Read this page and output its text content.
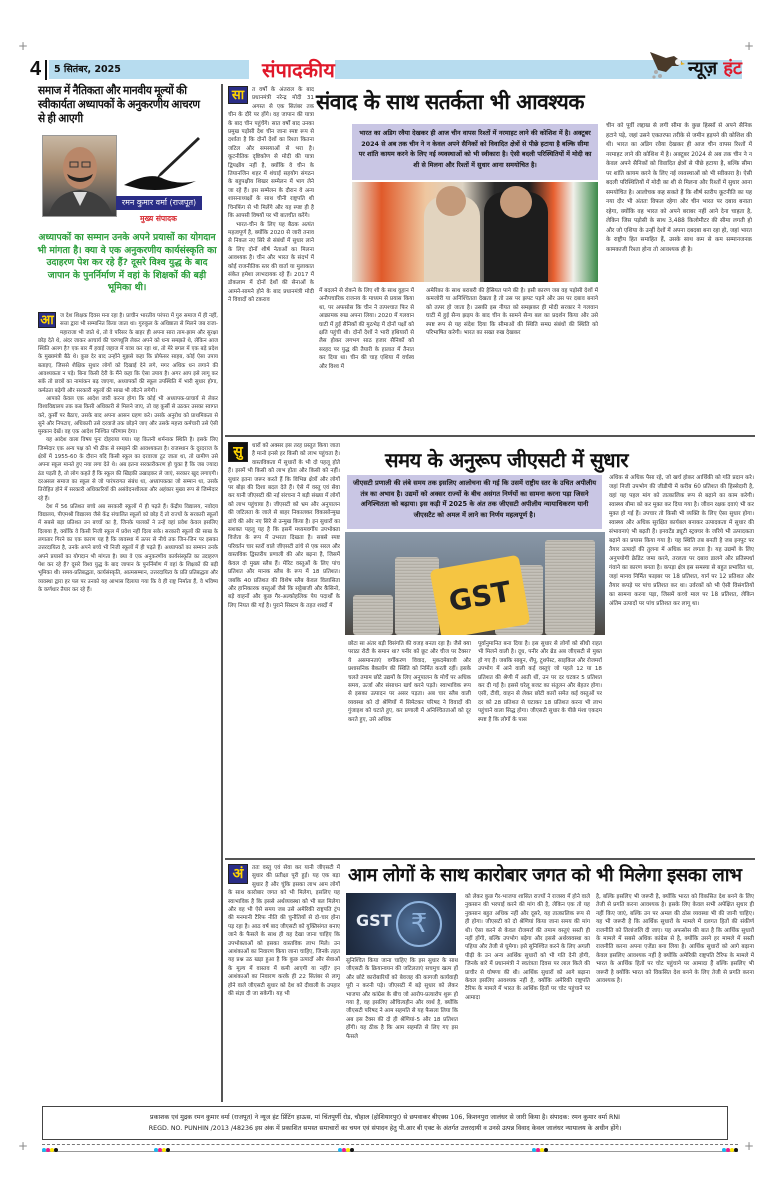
+	+
+	+
4 5 सितंबर, 2025	संपादकीय	न्यूज़ हंट
समाज में नैतिकता और मानवीय मूल्यों की स्वीकार्यता अध्यापकों के अनुकरणीय आचरण से ही आएगी
रमन कुमार वर्मा (राजपूत)
मुख्य संपादक
अध्यापकों का सम्मान उनके अपने प्रयासों का योगदान भी मांगता है। क्या वे एक अनुकरणीय कार्यसंस्कृति का उदाहरण पेश कर रहे हैं? दूसरे विश्व युद्ध के बाद जापान के पुनर्निर्माण में वहां के शिक्षकों की बड़ी भूमिका थी।
आ	ज देश शिक्षक दिवस मना रहा है। प्राचीन भारतीय परंपरा में गुरु समाज में ही नहीं, सत्ता द्वारा भी सम्मानित किया जाता था। गुरुकुल के अधिष्ठाता से मिलने जब राजा-महाराजा भी जाते थे, तो वे परिसर के बाहर ही अपना सारा ताम-झाम और सुरक्षा छोड़ देते थे, अंदर जाकर आचार्य की चरणधूलि लेकर अपने को धन्य समझते थे, लेकिन आज स्थिति अलग है? एक बार मैं हवाई जहाज में यात्रा कर रहा था, तो मेरे बगल में एक बड़े प्रदेश के मुख्यमंत्री बैठे थे। कुछ देर बाद उन्होंने मुझसे कहा कि प्रोफेसर साहब, कोई ऐसा उपाय बताइए, जिससे शैक्षिक सुधार लोगों को दिखाई देने लगे, मगर अधिक धन लगाने की आवश्यकता न पड़े। बिना किसी देरी के मैंने कहा कि ऐसा उपाय है। अगर आप इसे लागू कर सकें तो छात्रों का नामांकन बढ़ जाएगा, अध्यापकों की स्कूल उपस्थिति में भारी सुधार होगा, कर्मठता बढ़ेगी और सरकारी स्कूलों की साख भी लौटने लगेगी।

आपको केवल एक आदेश जारी करना होगा कि कोई भी अध्यापक-प्राचार्य से लेकर विश्वविद्यालय तक कब किसी अधिकारी से मिलने जाए, तो वह कुर्सी से उठकर उसका स्वागत करे, कुर्सी पर बैठाए, उसके बाद अपना आसन ग्रहण करे। उसके अनुरोध को प्राथमिकता से सुने और निपटाए, अधिकारी उसे दरवाजे तक छोड़ने जाए और उसके महत्त्व कर्मचारी उसे ऐसी मुस्कान देखें। वह एक आदेश निश्चित परिणाम देगा।

यह आदेश वाला विषय पुनः दोहराया गया। यह कितनी शर्मनाक स्थिति है। इसके लिए जिम्मेदार एक अन्य पक्ष को भी ठीक से समझने की आवश्यकता है। राजस्थान के दूरदराज के क्षेत्रों में 1955-60 के दौरान यदि किसी स्कूल का दरवाजा टूट जाता था, तो ग्रामीण उसे अपना स्कूल मानते हुए नया लगा देते थे। अब इतना सरकारीकरण हो चुका है कि जब ज्यादा ठंड पड़ती है, तो लोग कहते हैं कि स्कूल की खिड़की उखाड़कर ले जाएं, सरकार खुद लगाएगी। दरअसल समाज का स्कूल से जो पारंपरागत संबंध था, अध्यापकका जो सम्मान था, उसके तिरोहित होने में सरकारी अधिकारियों की असंवेदनशीलता और अहंकार मुख्य रूप से जिम्मेदार रहे हैं।

देश में 56 प्रतिशत बच्चे अब सरकारी स्कूलों में ही पढ़ते हैं। केंद्रीय विद्यालय, नवोदय विद्यालय, पीएमश्री विद्यालय जैसे केंद्र संचालित स्कूलों को छोड़ दें तो राज्यों के सरकारी स्कूलों में सबसे बड़ा प्रतिशत उन बच्चों का है, जिनके पालकों ने उन्हें वहां प्रवेश केवल इसलिए दिलाया है, क्योंकि वे किसी निजी स्कूल में प्रवेश नहीं दिला सके। सरकारी स्कूलों की साख के लगातार गिरने का एक कारण यह है कि व्यवस्था में ऊपर से नीचे तक जिन-जिन पर इसका उत्तरदायित्व है, उनके अपने बच्चे भी निजी स्कूलों में ही पढ़ते हैं। अध्यापकों का सम्मान उनके अपने प्रयासों का योगदान भी मांगता है। क्या वे एक अनुकरणीय कार्यसंस्कृति का उदाहरण पेश कर रहे हैं? दूसरे विश्व युद्ध के बाद जापान के पुनर्निर्माण में वहां के शिक्षकों की बड़ी भूमिका थी। समय-प्रतिबद्धता, कार्यसंस्कृति, आत्मसम्मान, उत्तरदायित्व के प्रति प्रतिबद्धता और व्यवस्था द्वारा हर पल पर उनको यह आभास दिलाया गया कि वे ही राष्ट्र निर्माता हैं, वे भविष्य के कर्णधार तैयार कर रहे हैं।

सा	त वर्षों के अंतराल के बाद प्रधानमंत्री नरेन्द्र मोदी 31 अगस्त से एक सितंबर तक चीन के दौरे पर होंगे। वह जापान की यात्रा के बाद चीन पहुंचेंगे। सात वर्षों बाद उनका प्रमुख पड़ोसी देश चीन जाना स्पष्ट रूप से दर्शाता है कि दोनों देशों का रिश्ता कितना जटिल और समस्याओं से भरा है। कूटनीतिक दृष्टिकोण से मोदी की यात्रा द्विपक्षीय नहीं है, क्योंकि वे चीन के तियानजिन शहर में शंघाई सहयोग संगठन के बहुपक्षीय शिखर सम्मेलन में भाग लेने जा रहे हैं। इस सम्मेलन के दौरान वे अन्य शासनाध्यक्षों के साथ चीनी राष्ट्रपति शी चिनफिंग से भी मिलेंगे और यह स्पष्ट ही है कि आपसी विषयों पर भी बातचीत करेंगे।

भारत-चीन के लिए यह बैठक अत्यंत महत्वपूर्ण है, क्योंकि 2020 से जारी तनाव से निकल नए सिरे से संबंधों में सुधार लाने के लिए दोनों शीर्ष नेताओं का मिलना आवश्यक है। चीन और भारत के संदर्भ में कोई राजनीतिक स्तर की वार्ता या मुलाकात संकेत हमेशा लाभदायक रहे हैं। 2017 में डोकलाम में दोनों देशों की सेनाओं के आमने-सामने होने के बाद प्रधानमंत्री मोदी ने विवादों को टकराव

संवाद के साथ सतर्कता भी आवश्यक
भारत का अडिग रवैया देखकर ही आज चीन वापस रिश्तों में नरमाहट लाने की कोशिश में है। अक्टूबर 2024 से अब तक चीन ने न केवल अपने सैनिकों को विवादित क्षेत्रों से पीछे हटाया है बल्कि सीमा पर शांति कायम करने के लिए नई व्यवस्थाओं को भी स्वीकारा है। ऐसी बदली परिस्थितियों में मोदी का शी से मिलना और रिश्तों में सुधार आना समयोचित है।

में बदलने से रोकने के लिए शी के साथ वुहान में अनौपचारिक राजनय के माध्यम से प्रयास किया था, पर अफसोस कि चीन ने तत्पश्चात फिर से आक्रामक रुख अपना लिया। 2020 में गलवान घाटी में हुई सैनिकों की मुठभेड़ में दोनों पक्षों को क्षति पहुंची थी। दोनों देशों ने भारी हथियारों से लैस होकर लगभग साठ हजार सैनिकों को सरहद पर युद्ध की तैयारी के हालात में तैनात कर दिया था। चीन की चाह एशिया में वर्चस्व और विश्व में

अमेरिका के साथ बराबरी की हैसियत पाने की है। इसी कारण जब वह पड़ोसी देशों में कमजोरी या अनिश्चितता देखता है तो उस पर झपट पड़ने और उस पर दबाव बनाने को तत्पर हो जाता है। उसकी इस नीयत को समझकर ही मोदी सरकार ने गलवान घाटी में हुई सैन्य झड़प के बाद चीन के सामने सैन्य बल का प्रदर्शन किया और उसे स्पष्ट रूप से यह संदेश दिया कि सीमाओं की स्थिति समग्र संबंधों की स्थिति को परिभाषित करेगी। भारत का सख्त रुख देखकर

चीन को पूर्वी लद्दाख से लगी सीमा के कुछ हिस्सों से अपने सैनिक हटाने पड़े, जहां उसने एकतरफा तरीके से जमीन हड़पने की कोशिश की थी। भारत का अडिग रवैया देखकर ही आज चीन वापस रिश्तों में नरमाहट लाने की कोशिश में है। अक्टूबर 2024 से अब तक चीन ने न केवल अपने सैनिकों को विवादित क्षेत्रों से पीछे हटाया है, बल्कि सीमा पर शांति कायम करने के लिए नई व्यवस्थाओं को भी स्वीकारा है। ऐसी बदली परिस्थितियों में मोदी का शी से मिलना और रिश्तों में सुधार आना समयोचित है। आलोचक कह सकते हैं कि शीर्ष स्तरीय कूटनीति का यह नया दौर भी अंततः विफल रहेगा और चीन भारत पर दबाव बनाता रहेगा, क्योंकि वह भारत को अपने बराबर नहीं आने देना चाहता है, लेकिन जिस पड़ोसी के साथ 3,488 किलोमीटर की सीमा लगती हो और जो एशिया के उन्हीं देशों में अपना दबदबा बना रहा हो, जहां भारत के राष्ट्रीय हित समाहित हैं, उसके साथ कम से कम सम्मानजनक कामकाजी रिश्ता होना तो आवश्यक ही है।

सु	धारों को अक्सर इस तरह प्रस्तुत किया जाता है मानो इनसे हर किसी को लाभ पहुंचता है। वास्तविकता में सुधारों के भी दो पहलू होते हैं। इसमें भी किसी को लाभ होता और किसी को नहीं। सुधार इतना जरूर करते हैं कि विभिन्न क्षेत्रों और लोगों पर बोझ की दिशा बदल देते हैं। ऐसे में वस्तु एवं सेवा कर यानी जीएसटी की नई संरचना ने बड़ी संख्या में लोगों को लाभ पहुंचाया है। जीएसटी को भ्रम और अनुपालन की जटिलता के जाले से बाहर निकालकर विकासोन्मुख ढांचे की ओर नए सिरे से उन्मुख किया है। इन सुधारों का सशक्त पहलू यह है कि इसमें मध्यमवर्गीय उपभोक्ता विजेता के रूप में उभरता दिखता है। सबसे स्पष्ट परिवर्तन चार स्तरों वाले जीएसटी ढांचे से एक सरल और वास्तविक द्विस्तरीय प्रणाली की ओर बढ़ना है, जिसमें केवल दो मुख्य स्लैब हैं। मेरिट वस्तुओं के लिए पांच प्रतिशत और मानक स्लैब के रूप में 18 प्रतिशत। जबकि 40 प्रतिशत की विशेष स्लैब केवल विलासिता और हानिकारक वस्तुओं जैसे कि सट्टेबाजी और कैसिनो, बड़े वाहनों और कुछ गैर-अल्कोहलिक पेय पदार्थों के लिए नियत की गई है। पुराने सिस्टम के तहत शब्दों में

समय के अनुरूप जीएसटी में सुधार
जीएसटी प्रणाली की लंबे समय तक इसलिए आलोचना की गई कि उसमें राष्ट्रीय स्तर के उचित अपीलीय तंत्र का अभाव है। उद्यमों को अक्सर राज्यों के बीच असंगत निर्णयों का सामना करना पड़ा जिसने अनिश्चितता को बढ़ाया। इस कड़ी में 2025 के अंत तक जीएसटी अपीलीय न्यायाधिकरण यानी जीएसटैट को अमल में लाने का निर्णय महत्वपूर्ण है।
GST

छोटा सा अंतर बड़ी विसंगति की वजह बनता रहा है। जैसे क्या पराठा रोटी के समान था? पनीर को छूट और चीज पर टैक्स? ये असमानताएं वर्गीकरण विवाद, मुकदमेबाजी और प्रशासनिक बैकलॉग की स्थिति को निर्मित करती रहीं। इसके चलते तमाम छोटे उद्यमों के लिए अनुपालन के मोर्चे पर अधिक समय, ऊर्जा और संसाधन खर्च करने पड़ते। स्वाभाविक रूप से इसका उत्पादन पर असर पड़ता। अब चार स्लैब वाली व्यवस्था को दो श्रेणियों में सिमेटकर परिषद ने विवादों की गुंजाइश को घटाते हुए, कर प्रणाली में अनिश्चितताओं को दूर करते हुए, उसे अधिक

पूर्वानुमानित बना दिया है। इस सुधार से लोगों को सीधी राहत भी मिलने वाली है। दूध, पनीर और ब्रेड अब जीएसटी से मुक्त हो गए हैं। जबकि साबुन, शैंपू, टूथपेस्ट, साइकिल और रोजमर्रा उपभोग में आने वाली कई वस्तुएं जो पहले 12 या 18 प्रतिशत की श्रेणी में आती थीं, उन पर दर घटकर 5 प्रतिशत कर दी गई है। इससे घरेलू बजट का संतुलन और बेहतर होगा। एसी, टीवी, वाहन से लेकर छोटी कारों समेत कई वस्तुओं पर दर को 28 प्रतिशत से घटाकर 18 प्रतिशत करना भी लाभ पहुंचाने वाला सिद्ध होगा। जीएसटी सुधार के पीछे मंशा एकदम स्पष्ट है कि लोगों के पास

अधिक से अधिक पैसा रहे, जो खर्च होकर आर्थिकी को गति प्रदान करे। जहां निजी उपभोग की जीडीपी में करीब 60 प्रतिशत की हिस्सेदारी है, वहां यह पहल मांग को तात्कालिक रूप से बढ़ाने का काम करेगी। स्वास्थ्य बीमा को कर मुक्त कर दिया गया है। जीवन रक्षक दवाएं भी कर मुक्त हो गई हैं। उपचार तो किसी भी व्यक्ति के लिए ऐसा सुधार होगा। स्वास्थ्य और अधिक सुरक्षित कार्यबल बनाकर उत्पादकता में सुधार की संभावनाएं भी बढ़ती हैं। इनवर्टेड ड्यूटी स्ट्रक्चर के जरिये भी उत्पादकता बढ़ाने का प्रयास किया गया है। यह स्थिति तब बनती है जब इनपुट पर तैयार उत्पादों की तुलना में अधिक कर लगता है। यह उद्यमों के लिए अनुपयोगी क्रेडिट जमा करने, तरलता पर दबाव डालने और प्रतिस्पर्धा गंवाने का कारण बनता है। कपड़ा क्षेत्र इस समस्या से बहुत प्रभावित था, जहां मानव निर्मित फाइबर पर 18 प्रतिशत, यार्न पर 12 प्रतिशत और तैयार कपड़े पर पांच प्रतिशत कर था। उर्वरकों को भी ऐसी विसंगतियों का सामना करना पड़ा, जिसमें कच्चे माल पर 18 प्रतिशत, लेकिन अंतिम उत्पादों पर पांच प्रतिशत कर लागू था।

अं	ततः वस्तु एवं सेवा कर यानी जीएसटी में सुधार की प्रतीक्षा पूरी हुई। यह एक बड़ा सुधार है और चूंकि इसका लाभ आम लोगों के साथ कारोबार जगत को भी मिलेगा, इसलिए यह स्वाभाविक है कि इससे अर्थव्यवस्था को भी बल मिलेगा और वह भी ऐसे समय जब उसे अमेरिकी राष्ट्रपति ट्रंप की मनमानी टैरिफ नीति की चुनौतियों से दो-चार होना पड़ रहा है। आठ वर्ष बाद जीएसटी को युक्तिसंगत बनाए जाने के फैसले के साथ ही यह देखा जाना चाहिए कि उपभोक्ताओं को इसका वास्तविक लाभ मिले। उन आशंकाओं का निवारण किया जाना चाहिए, जिनके तहत यह प्रश्न उठ खड़ा हुआ है कि कुछ उत्पादों और सेवाओं के मूल्य में वास्तव में कमी आएगी या नहीं? इन आशंकाओं का निवारण करके ही 22 सितंबर से लागू होने वाले जीएसटी सुधार को देश को दीवाली के उपहार की संज्ञा दी जा सकेगी। यह भी

आम लोगों के साथ कारोबार जगत को भी मिलेगा इसका लाभ
GST ₹

सुनिश्चित किया जाना चाहिए कि इस सुधार के साथ जीएसटी के क्रियान्वयन की जटिलताएं सचमुच खत्म हों और छोटे कारोबारियों को बेवजह की कागजी कार्यवाही पूरी न करनी पड़े। जीएसटी में बड़े सुधार को लेकर भाजपा और कांग्रेस के बीच जो आरोप-प्रत्यारोप शुरू हो गया है, वह इसलिए औचित्यहीन और व्यर्थ है, क्योंकि जीएसटी परिषद ने आम सहमति से यह फैसला लिया कि अब इस टैक्स की दो ही श्रेणियां-5 और 18 प्रतिशत होंगी। यह ठीक है कि आम सहमति से लिए गए इस फैसले

को लेकर कुछ गैर-भाजपा शासित राज्यों ने राजस्व में होने वाले नुकसान की भरपाई करने की मांग की है, लेकिन एक तो यह नुकसान बहुत अधिक नहीं और दूसरे, यह तात्कालिक रूप से ही होगा। जीएसटी को दो श्रेणियां किया जाना समय की मांग थी। ऐसा करने से केवल रोजमर्रा की तमाम वस्तुएं सस्ती ही नहीं होंगी, बल्कि उपभोग बढ़ेगा और इससे अर्थव्यवस्था का पहिया और तेजी से घूमेगा। इसे सुनिश्चित करने के लिए अगली पीढ़ी के उन अन्य आर्थिक सुधारों को भी गति देनी होगी, जिनके बारे में प्रधानमंत्री ने स्वतंत्रता दिवस पर लाल किले की प्राचीर से घोषणा की थी। आर्थिक सुधारों को आगे बढ़ाना केवल इसलिए आवश्यक नहीं है, क्योंकि अमेरिकी राष्ट्रपति टैरिफ के मामले में भारत के आर्थिक हितों पर चोट पहुंचाने पर आमादा

है, बल्कि इसलिए भी जरूरी है, क्योंकि भारत को विकसित देश बनने के लिए तेजी से प्रगति करना आवश्यक है। इसके लिए केवल सभी अपेक्षित सुधार ही नहीं किए जाएं, बल्कि उन पर अमल की ठोस व्यवस्था भी की जानी चाहिए। यह भी जरूरी है कि आर्थिक सुधारों के मामले में दलगत हितों की संकीर्ण राजनीति को तिलांजलि दी जाए। यह अफसोस की बात है कि आर्थिक सुधारों के मामले में सबसे अधिक कांग्रेस से है, क्योंकि उसने हर मामले में सस्ती राजनीति करना अपना एजेंडा बना लिया है। आर्थिक सुधारों को आगे बढ़ाना केवल इसलिए आवश्यक नहीं है क्योंकि अमेरिकी राष्ट्रपति टैरिफ के मामले में भारत के आर्थिक हितों पर चोट पहुंचाने पर आमादा हैं बल्कि इसलिए भी जरूरी है क्योंकि भारत को विकसित देश बनने के लिए तेजी से प्रगति करना आवश्यक है।

प्रकाशक एवं मुद्रक रमन कुमार वर्मा (राजपूत) ने न्यूज हंट प्रिंटिंग हाऊस, मां चिंतपूर्णी रोड, चौहाल (होशियारपुर) से छपवाकर बीएक्स 106, किशनपुरा जालंधर से जारी किया है। संपादक: रमन कुमार वर्मा RNI
REGD. NO. PUNHIN /2013 /48236 इस अंक में प्रकाशित समस्त समाचारों का चयन एवं संपादन हेतु पी.आर बी एक्ट के अंतर्गत उत्तरदायी व उनसे उत्पन्न विवाद केवल जालंधर न्यायालय के अधीन होंगे।
